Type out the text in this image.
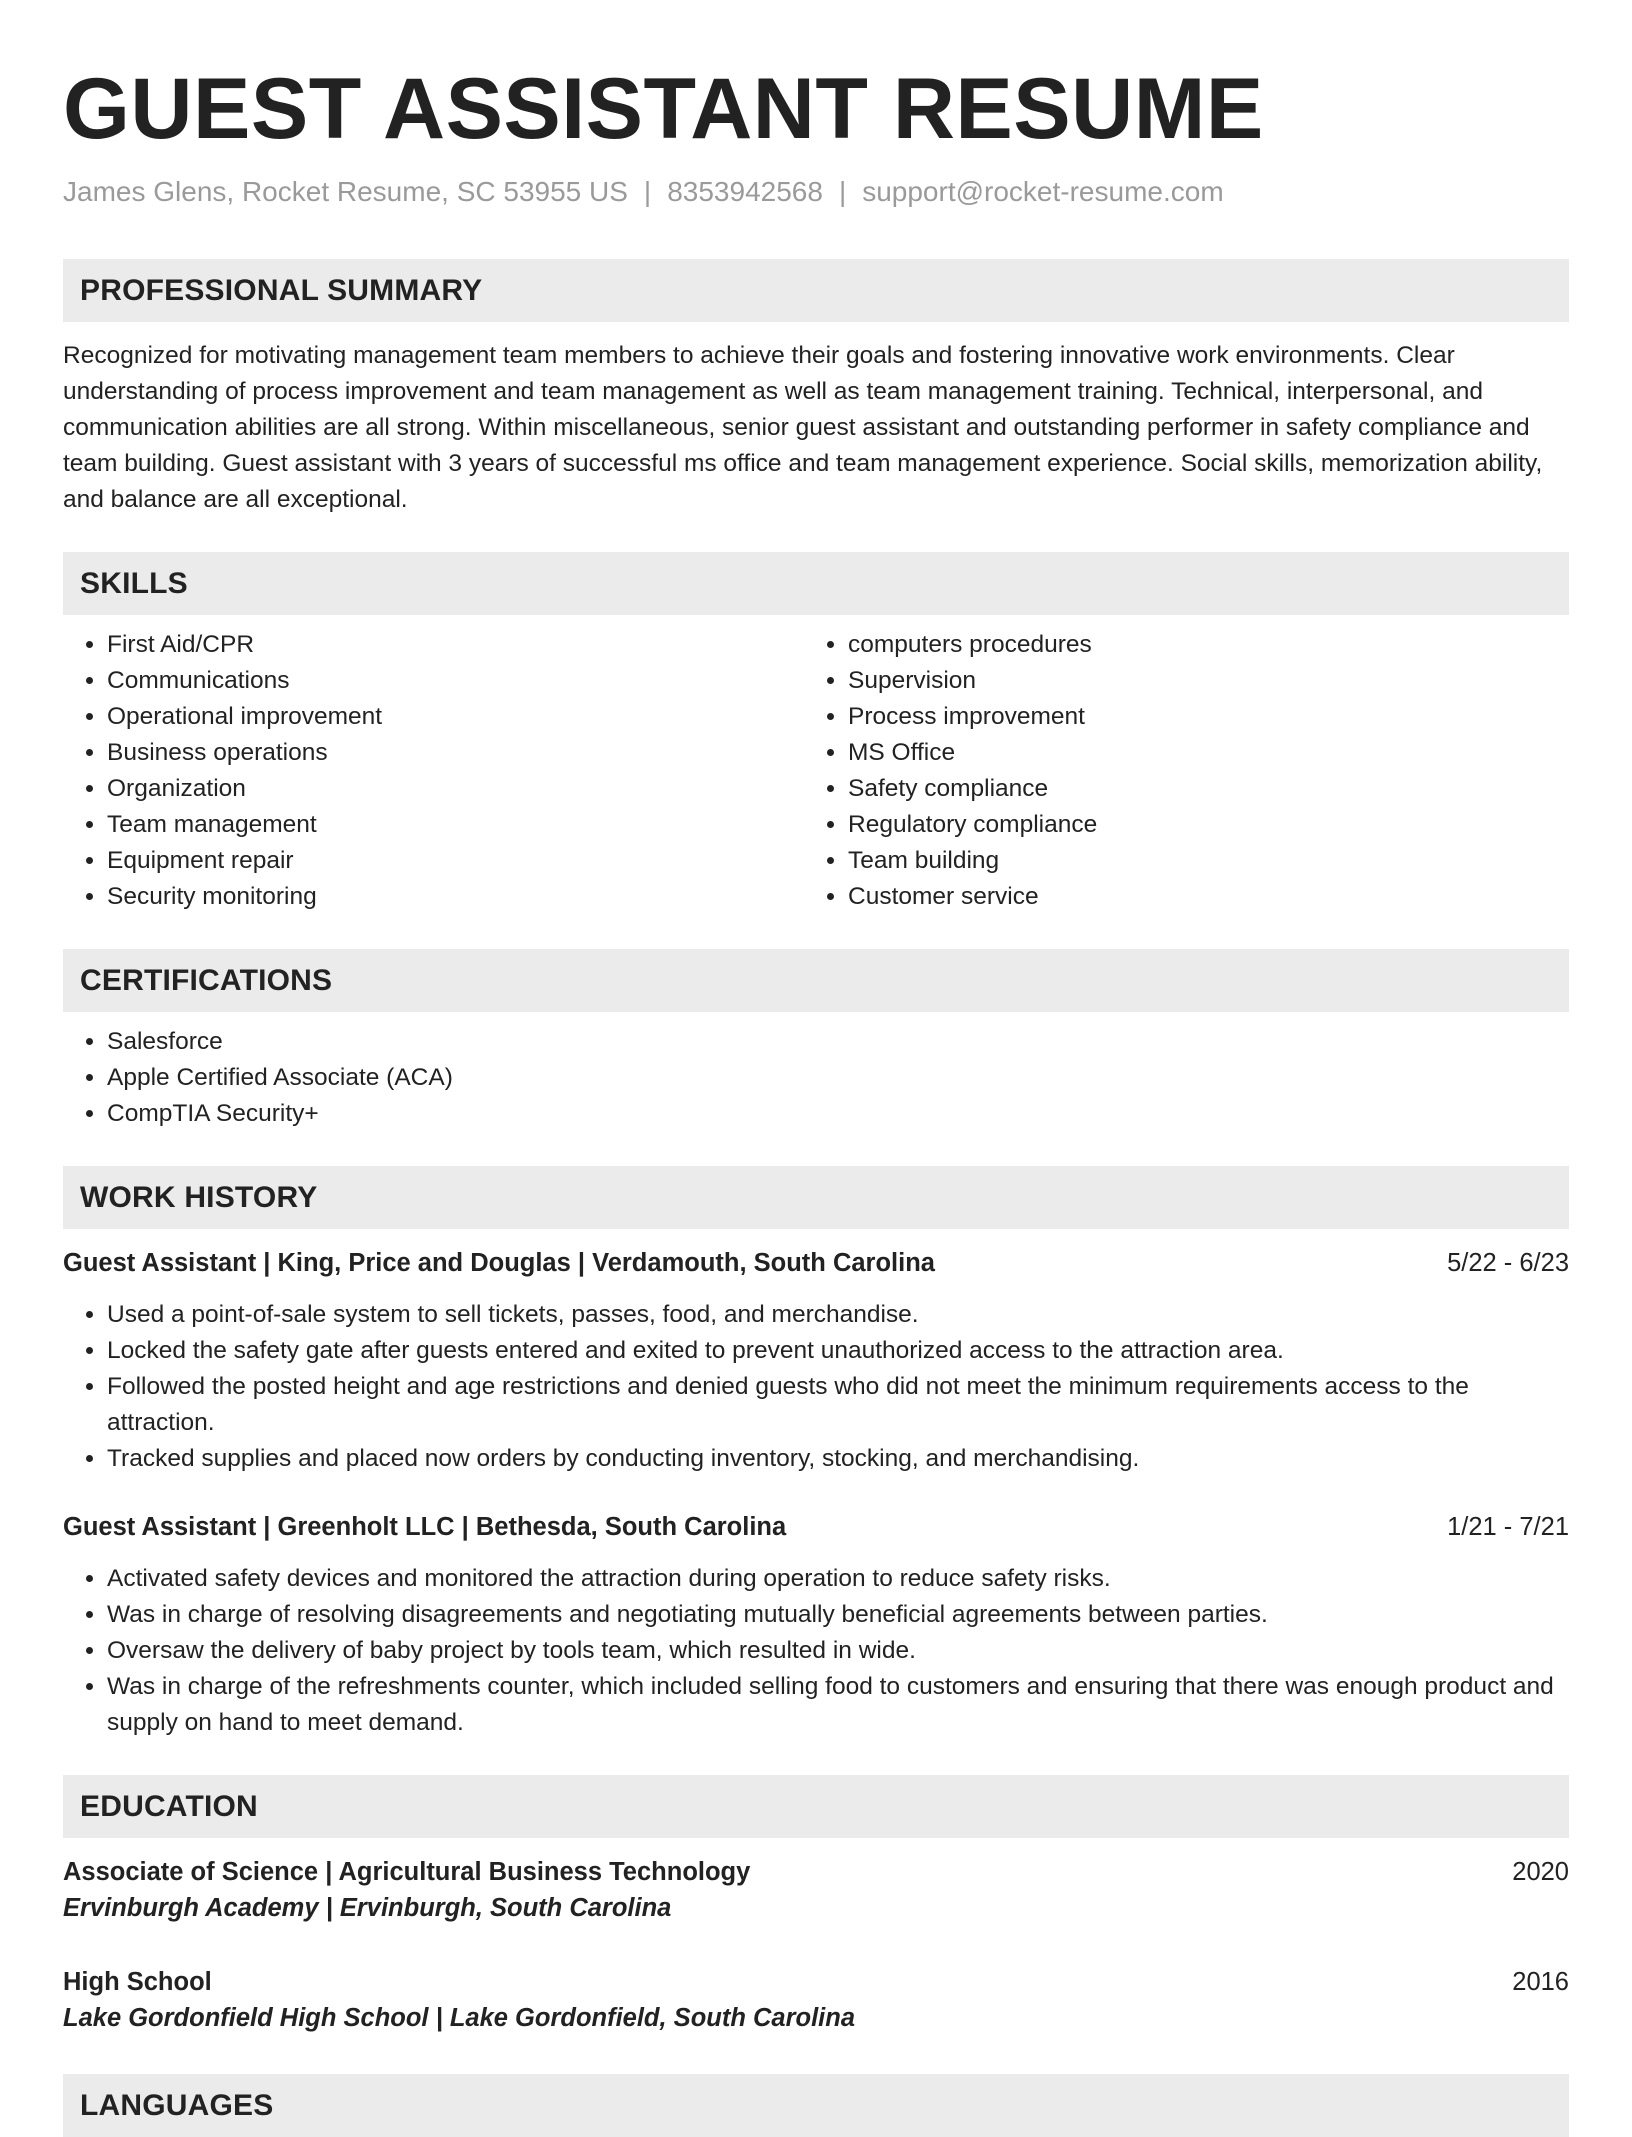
GUEST ASSISTANT RESUME
James Glens, Rocket Resume, SC 53955 US | 8353942568 | support@rocket-resume.com
PROFESSIONAL SUMMARY

Recognized for motivating management team members to achieve their goals and fostering innovative work environments. Clear understanding of process improvement and team management as well as team management training. Technical, interpersonal, and communication abilities are all strong. Within miscellaneous, senior guest assistant and outstanding performer in safety compliance and team building. Guest assistant with 3 years of successful ms office and team management experience. Social skills, memorization ability, and balance are all exceptional.

SKILLS
• First Aid/CPR
• Communications
• Operational improvement
• Business operations
• Organization
• Team management
• Equipment repair
• Security monitoring
• computers procedures
• Supervision
• Process improvement
• MS Office
• Safety compliance
• Regulatory compliance
• Team building
• Customer service
CERTIFICATIONS
• Salesforce
• Apple Certified Associate (ACA)
• CompTIA Security+
WORK HISTORY
Guest Assistant | King, Price and Douglas | Verdamouth, South Carolina	5/22 - 6/23
• Used a point-of-sale system to sell tickets, passes, food, and merchandise.
• Locked the safety gate after guests entered and exited to prevent unauthorized access to the attraction area.
• Followed the posted height and age restrictions and denied guests who did not meet the minimum requirements access to the attraction.
• Tracked supplies and placed now orders by conducting inventory, stocking, and merchandising.
Guest Assistant | Greenholt LLC | Bethesda, South Carolina	1/21 - 7/21
• Activated safety devices and monitored the attraction during operation to reduce safety risks.
• Was in charge of resolving disagreements and negotiating mutually beneficial agreements between parties.
• Oversaw the delivery of baby project by tools team, which resulted in wide.
• Was in charge of the refreshments counter, which included selling food to customers and ensuring that there was enough product and supply on hand to meet demand.
EDUCATION
Associate of Science | Agricultural Business Technology	2020
Ervinburgh Academy | Ervinburgh, South Carolina
High School	2016
Lake Gordonfield High School | Lake Gordonfield, South Carolina
LANGUAGES
